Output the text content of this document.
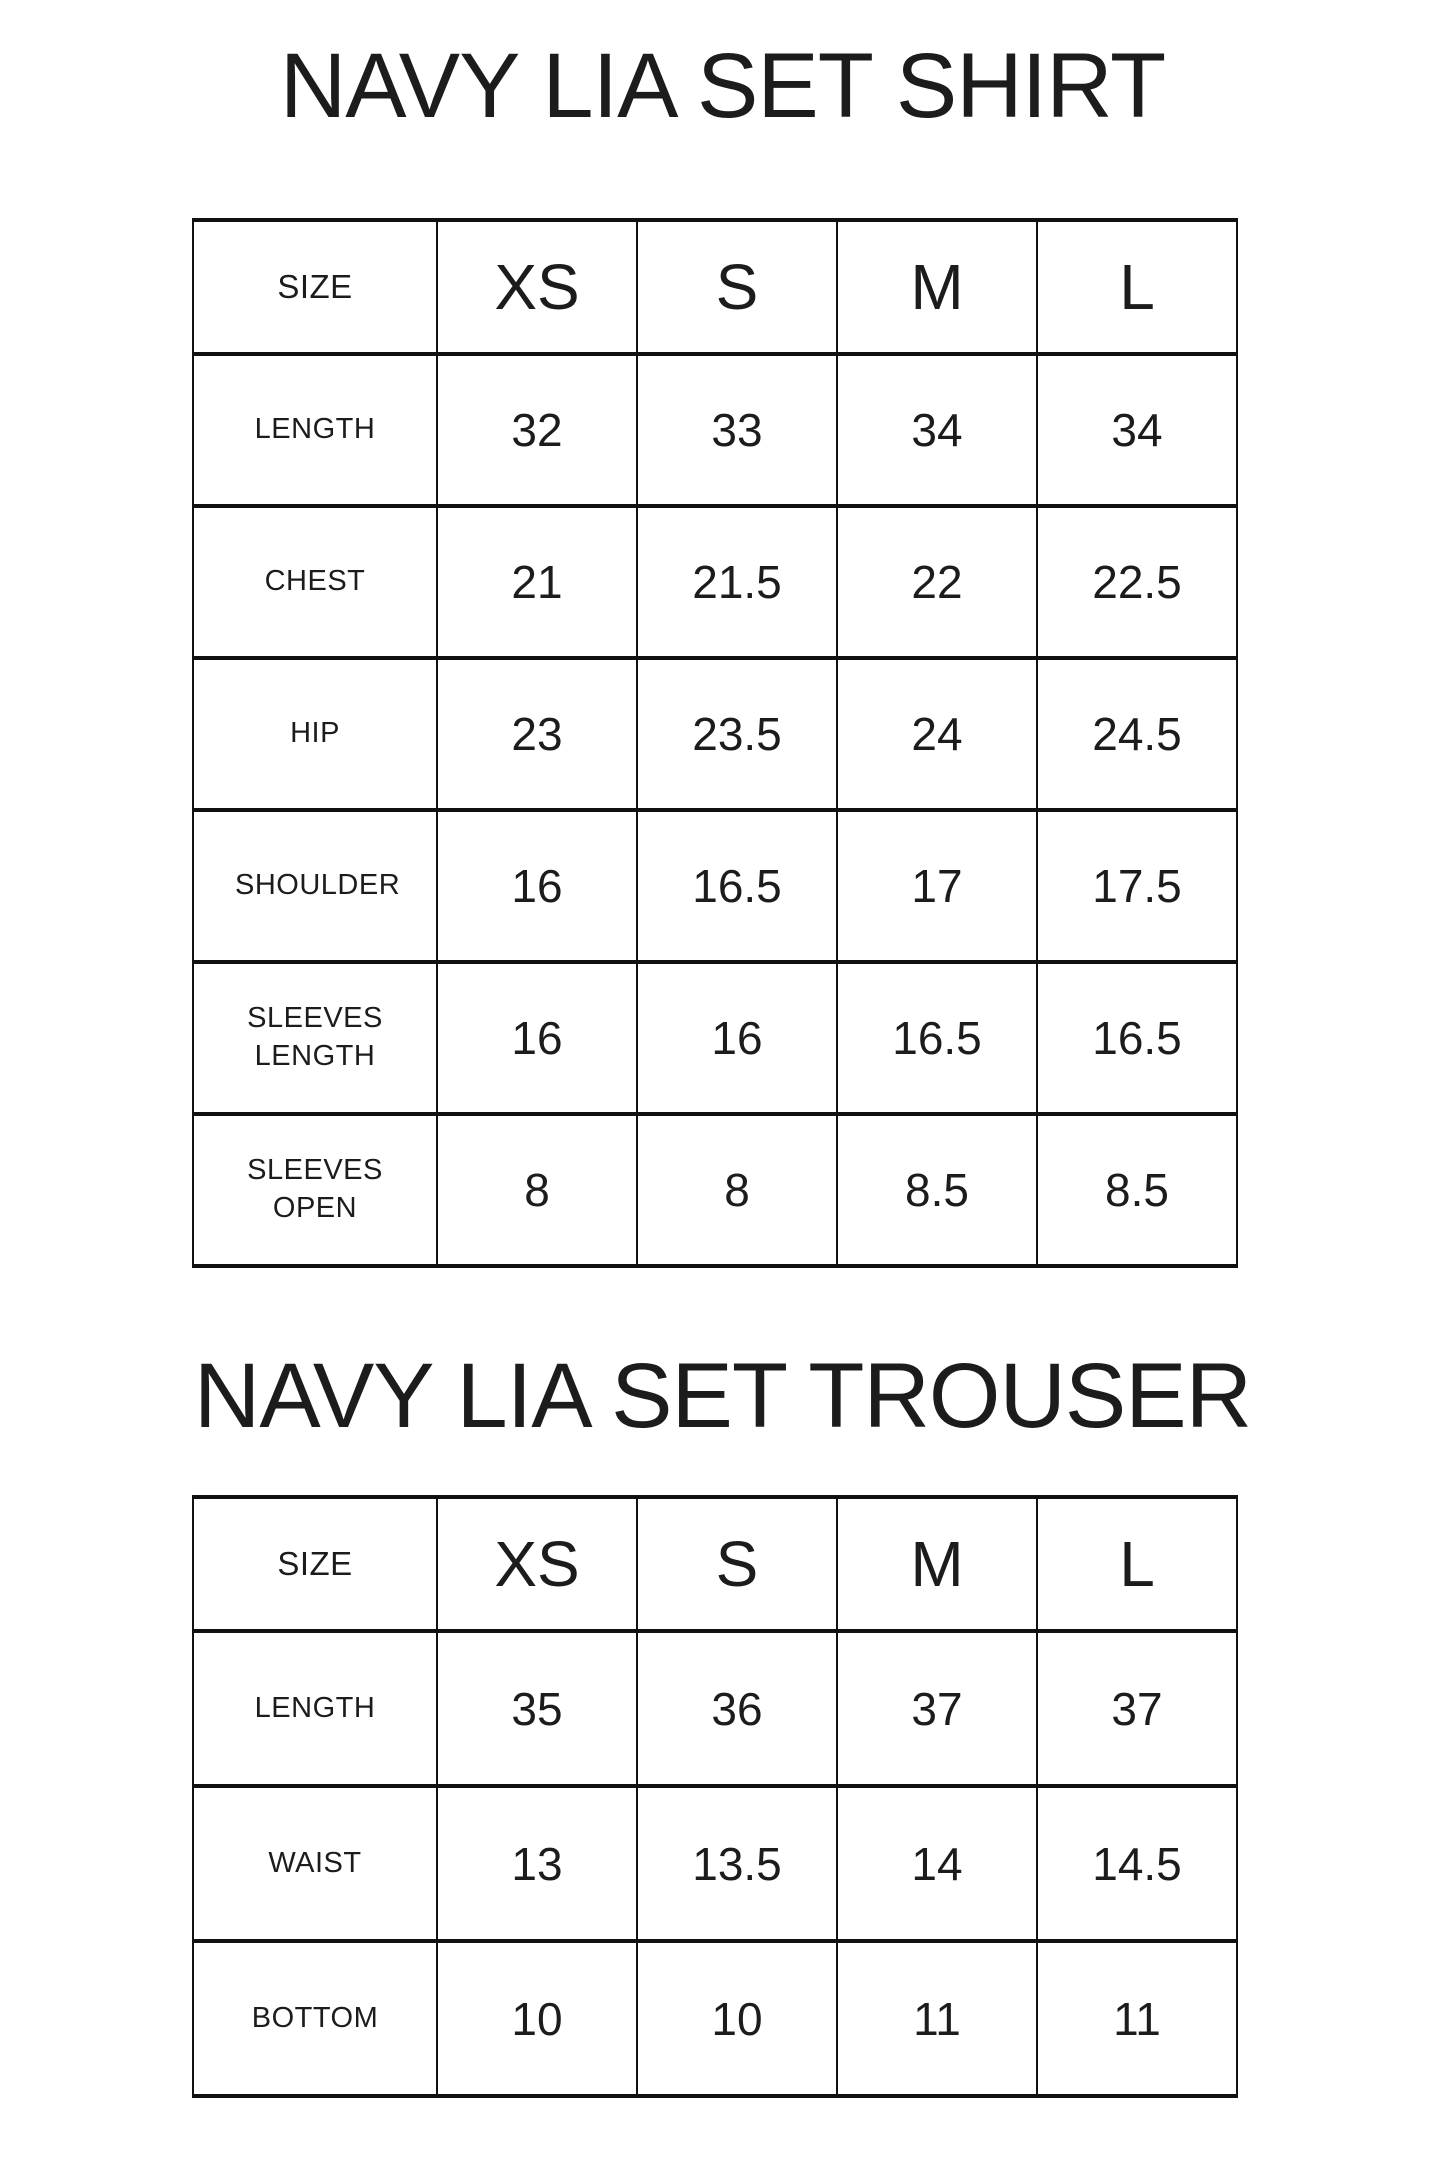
NAVY LIA SET SHIRT
SIZE	XS	S	M	L
LENGTH	32	33	34	34
CHEST	21	21.5	22	22.5
HIP	23	23.5	24	24.5
SHOULDER	16	16.5	17	17.5
SLEEVES LENGTH	16	16	16.5	16.5
SLEEVES OPEN	8	8	8.5	8.5
NAVY LIA SET TROUSER
SIZE	XS	S	M	L
LENGTH	35	36	37	37
WAIST	13	13.5	14	14.5
BOTTOM	10	10	11	11
